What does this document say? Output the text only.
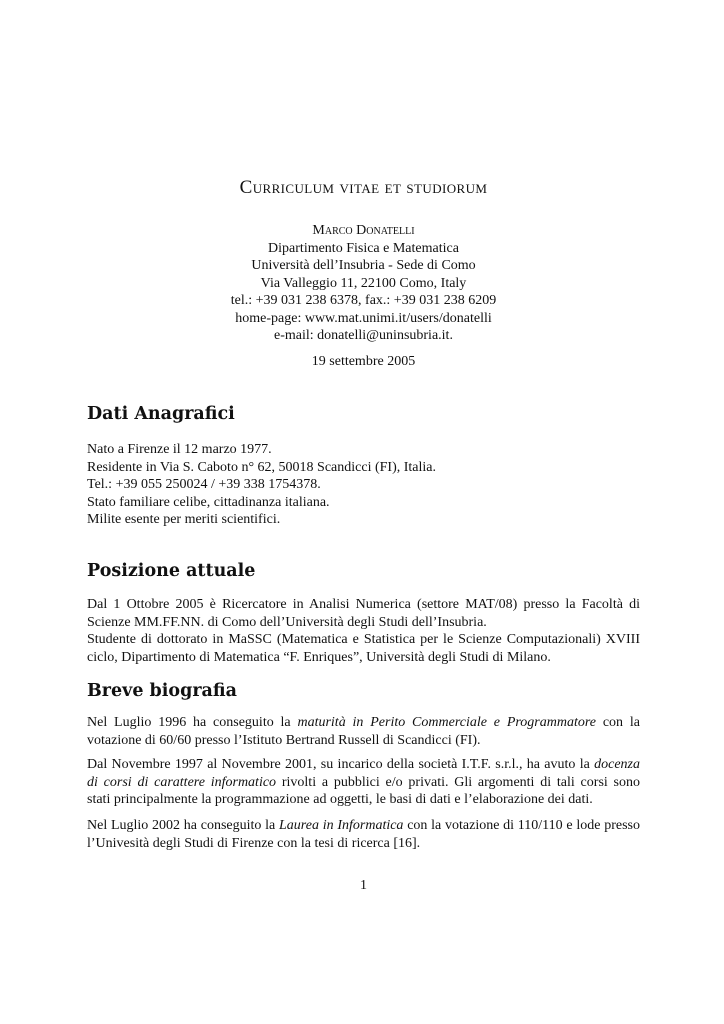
Curriculum vitae et studiorum
Marco Donatelli
Dipartimento Fisica e Matematica
Università dell’Insubria - Sede di Como
Via Valleggio 11, 22100 Como, Italy
tel.: +39 031 238 6378, fax.: +39 031 238 6209
home-page: www.mat.unimi.it/users/donatelli
e-mail: donatelli@uninsubria.it.
19 settembre 2005
Dati Anagrafici
Nato a Firenze il 12 marzo 1977.
Residente in Via S. Caboto n° 62, 50018 Scandicci (FI), Italia.
Tel.: +39 055 250024 / +39 338 1754378.
Stato familiare celibe, cittadinanza italiana.
Milite esente per meriti scientifici.
Posizione attuale
Dal 1 Ottobre 2005 è Ricercatore in Analisi Numerica (settore MAT/08) presso la Facoltà di
Scienze MM.FF.NN. di Como dell’Università degli Studi dell’Insubria.
Studente di dottorato in MaSSC (Matematica e Statistica per le Scienze Computazionali) XVIII
ciclo, Dipartimento di Matematica “F. Enriques”, Università degli Studi di Milano.
Breve biografia
Nel Luglio 1996 ha conseguito la maturità in Perito Commerciale e Programmatore con la
votazione di 60/60 presso l’Istituto Bertrand Russell di Scandicci (FI).
Dal Novembre 1997 al Novembre 2001, su incarico della società I.T.F. s.r.l., ha avuto la docenza
di corsi di carattere informatico rivolti a pubblici e/o privati. Gli argomenti di tali corsi sono
stati principalmente la programmazione ad oggetti, le basi di dati e l’elaborazione dei dati.
Nel Luglio 2002 ha conseguito la Laurea in Informatica con la votazione di 110/110 e lode presso
l’Univesità degli Studi di Firenze con la tesi di ricerca [16].
1
